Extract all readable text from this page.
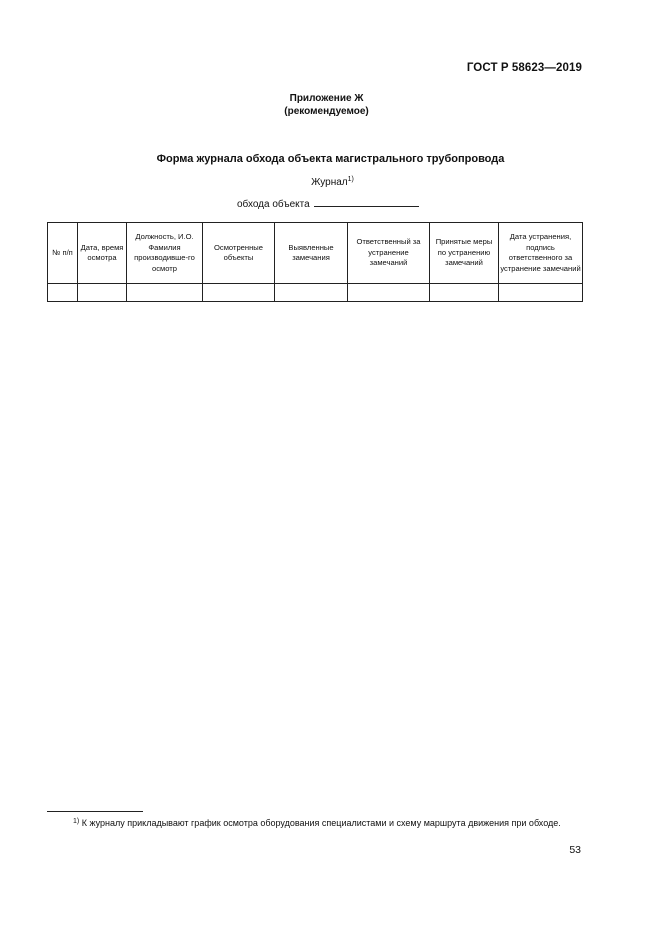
ГОСТ Р 58623—2019
Приложение Ж
(рекомендуемое)
Форма журнала обхода объекта магистрального трубопровода
Журнал$^{1)}$
обхода объекта
№ п/п	Дата, время осмотра	Должность, И.О. Фамилия производивше-го осмотр	Осмотренные объекты	Выявленные замечания	Ответственный за устранение замечаний	Принятые меры по устранению замечаний	Дата устранения, подпись ответственного за устранение замечаний

1) К журналу прикладывают график осмотра оборудования специалистами и схему маршрута движения при обходе.
53
